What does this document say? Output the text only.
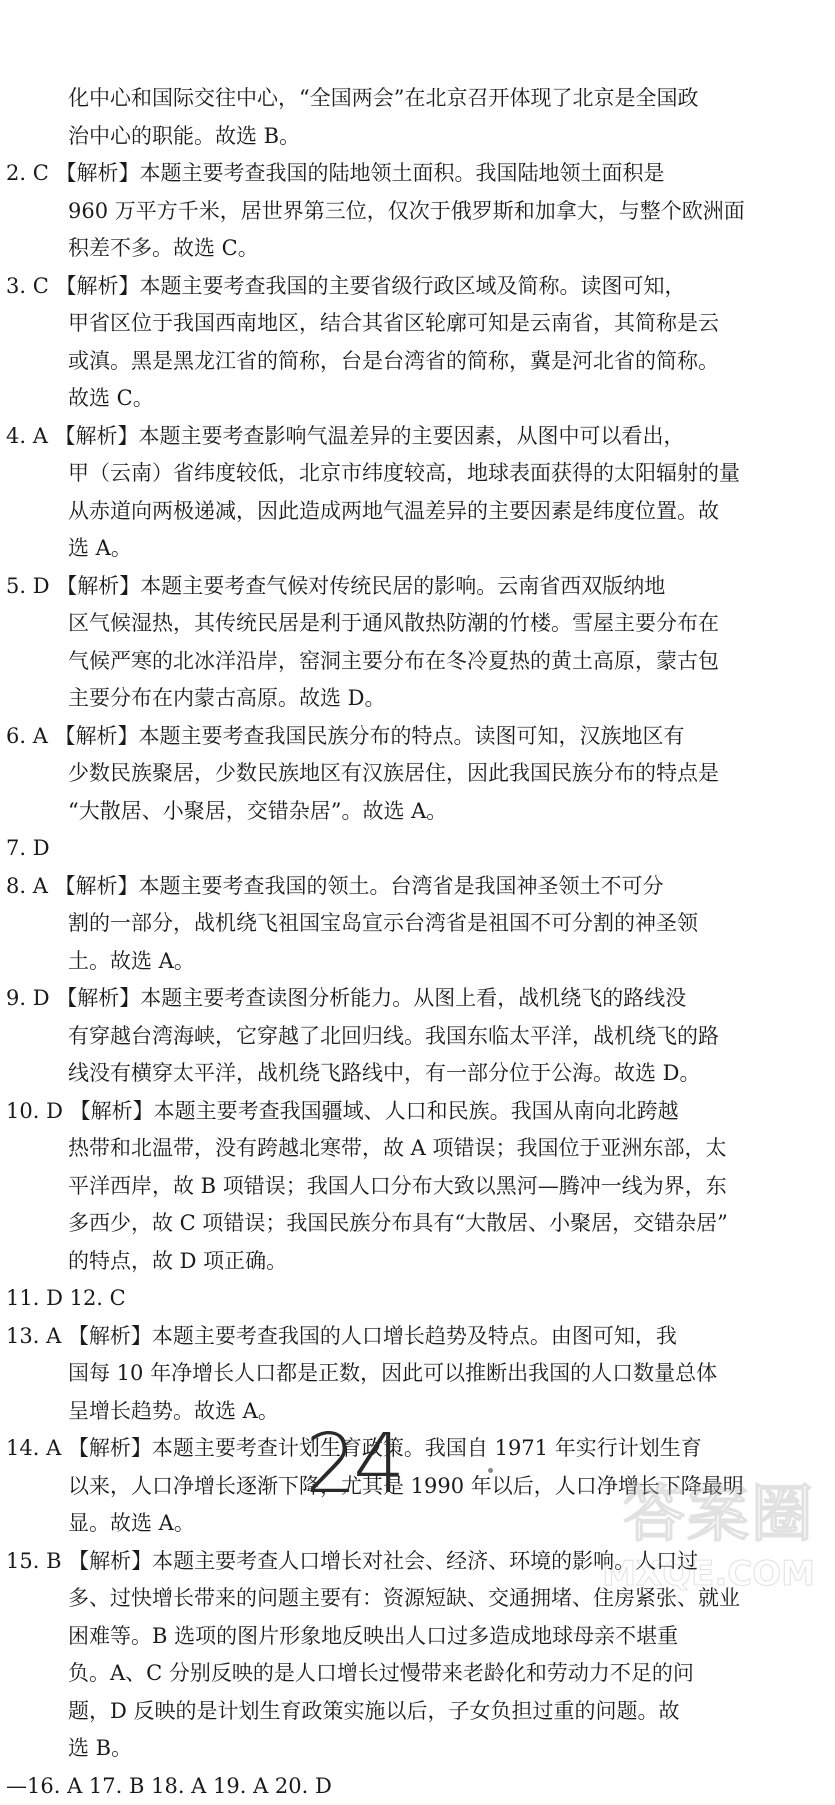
化中心和国际交往中心，“全国两会”在北京召开体现了北京是全国政
治中心的职能。故选 B。
2. C 【解析】本题主要考查我国的陆地领土面积。我国陆地领土面积是
960 万平方千米，居世界第三位，仅次于俄罗斯和加拿大，与整个欧洲面
积差不多。故选 C。
3. C 【解析】本题主要考查我国的主要省级行政区域及简称。读图可知，
甲省区位于我国西南地区，结合其省区轮廓可知是云南省，其简称是云
或滇。黑是黑龙江省的简称，台是台湾省的简称，冀是河北省的简称。
故选 C。
4. A 【解析】本题主要考查影响气温差异的主要因素，从图中可以看出，
甲（云南）省纬度较低，北京市纬度较高，地球表面获得的太阳辐射的量
从赤道向两极递减，因此造成两地气温差异的主要因素是纬度位置。故
选 A。
5. D 【解析】本题主要考查气候对传统民居的影响。云南省西双版纳地
区气候湿热，其传统民居是利于通风散热防潮的竹楼。雪屋主要分布在
气候严寒的北冰洋沿岸，窑洞主要分布在冬冷夏热的黄土高原，蒙古包
主要分布在内蒙古高原。故选 D。
6. A 【解析】本题主要考查我国民族分布的特点。读图可知，汉族地区有
少数民族聚居，少数民族地区有汉族居住，因此我国民族分布的特点是
“大散居、小聚居，交错杂居”。故选 A。
7. D
8. A 【解析】本题主要考查我国的领土。台湾省是我国神圣领土不可分
割的一部分，战机绕飞祖国宝岛宣示台湾省是祖国不可分割的神圣领
土。故选 A。
9. D 【解析】本题主要考查读图分析能力。从图上看，战机绕飞的路线没
有穿越台湾海峡，它穿越了北回归线。我国东临太平洋，战机绕飞的路
线没有横穿太平洋，战机绕飞路线中，有一部分位于公海。故选 D。
10. D 【解析】本题主要考查我国疆域、人口和民族。我国从南向北跨越
热带和北温带，没有跨越北寒带，故 A 项错误；我国位于亚洲东部，太
平洋西岸，故 B 项错误；我国人口分布大致以黑河—腾冲一线为界，东
多西少，故 C 项错误；我国民族分布具有“大散居、小聚居，交错杂居”
的特点，故 D 项正确。
11. D 12. C
13. A 【解析】本题主要考查我国的人口增长趋势及特点。由图可知，我
国每 10 年净增长人口都是正数，因此可以推断出我国的人口数量总体
呈增长趋势。故选 A。
14. A 【解析】本题主要考查计划生育政策。我国自 1971 年实行计划生育
以来，人口净增长逐渐下降，尤其是 1990 年以后，人口净增长下降最明
显。故选 A。
15. B 【解析】本题主要考查人口增长对社会、经济、环境的影响。人口过
多、过快增长带来的问题主要有：资源短缺、交通拥堵、住房紧张、就业
困难等。B 选项的图片形象地反映出人口过多造成地球母亲不堪重
负。A、C 分别反映的是人口增长过慢带来老龄化和劳动力不足的问
题，D 反映的是计划生育政策实施以后，子女负担过重的问题。故
选 B。
—16. A 17. B 18. A 19. A 20. D
24
答案圈
MXQE.COM
